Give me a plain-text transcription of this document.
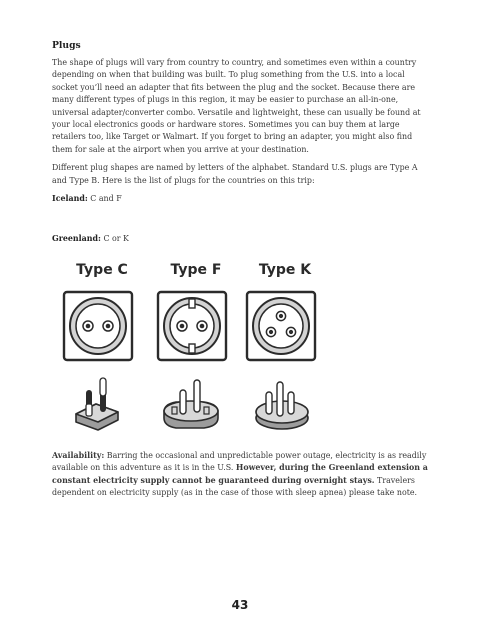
Plugs

The shape of plugs will vary from country to country, and sometimes even within a country depending on when that building was built. To plug something from the U.S. into a local socket you’ll need an adapter that fits between the plug and the socket. Because there are many different types of plugs in this region, it may be easier to purchase an all-in-one, universal adapter/converter combo. Versatile and lightweight, these can usually be found at your local electronics goods or hardware stores. Sometimes you can buy them at large retailers too, like Target or Walmart. If you forget to bring an adapter, you might also find them for sale at the airport when you arrive at your destination.

Different plug shapes are named by letters of the alphabet. Standard U.S. plugs are Type A and Type B. Here is the list of plugs for the countries on this trip:

Iceland: C and F

Greenland: C or K

Type C	Type F	Type K

Availability: Barring the occasional and unpredictable power outage, electricity is as readily available on this adventure as it is in the U.S. However, during the Greenland extension a constant electricity supply cannot be guaranteed during overnight stays. Travelers dependent on electricity supply (as in the case of those with sleep apnea) please take note.

43
